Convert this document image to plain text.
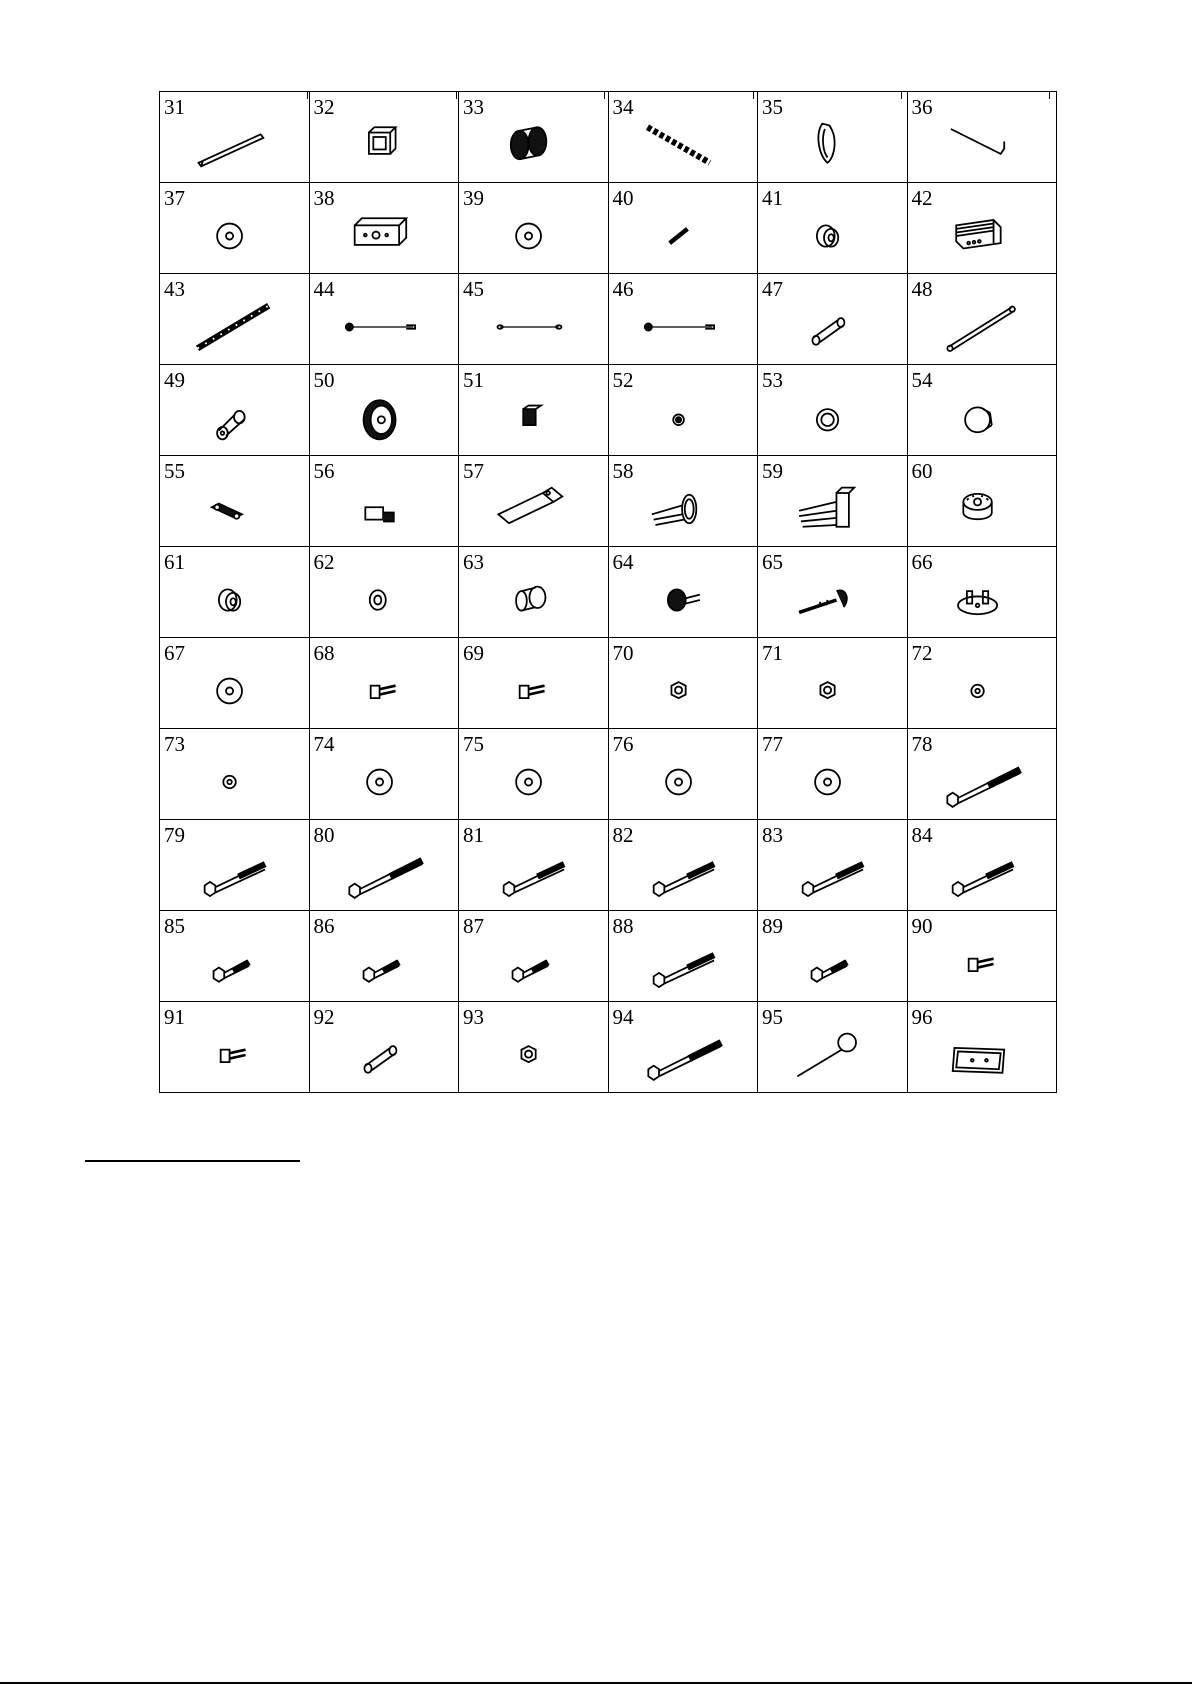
31	32	33	34	35	36

37	38	39	40	41	42

43	44	45	46	47	48

49	50	51	52	53	54

55	56	57	58	59	60

61	62	63	64	65	66

67	68	69	70	71	72

73	74	75	76	77	78

79	80	81	82	83	84

85	86	87	88	89	90

91	92	93	94	95	96
